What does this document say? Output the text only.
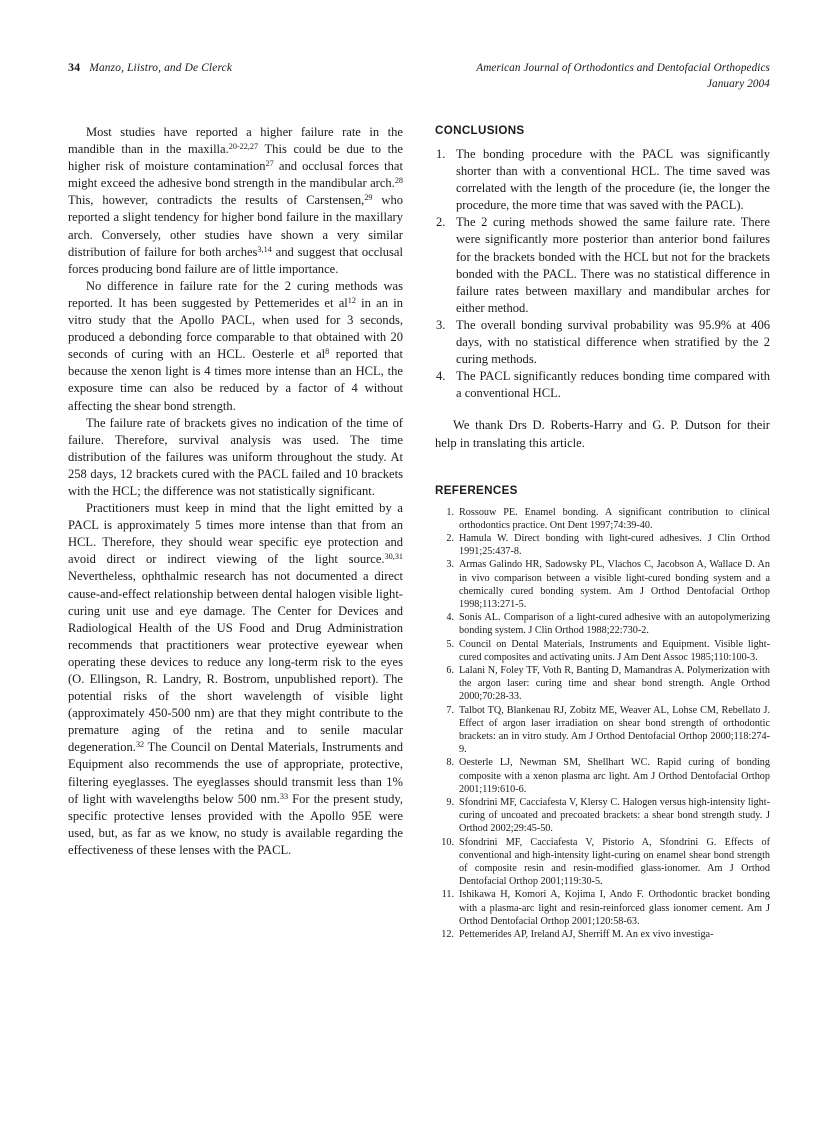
34 Manzo, Liistro, and De Clerck	American Journal of Orthodontics and Dentofacial Orthopedics
January 2004

Most studies have reported a higher failure rate in the mandible than in the maxilla.$^{20-22,27}$ This could be due to the higher risk of moisture contamination$^{27}$ and occlusal forces that might exceed the adhesive bond strength in the mandibular arch.$^{28}$ This, however, contradicts the results of Carstensen,$^{29}$ who reported a slight tendency for higher bond failure in the maxillary arch. Conversely, other studies have shown a very similar distribution of failure for both arches$^{3,14}$ and suggest that occlusal forces producing bond failure are of little importance.

No difference in failure rate for the 2 curing methods was reported. It has been suggested by Pettemerides et $al^{12}$ in an in vitro study that the Apollo PACL, when used for 3 seconds, produced a debonding force comparable to that obtained with 20 seconds of curing with an HCL. Oesterle et $al^8$ reported that because the xenon light is 4 times more intense than an HCL, the exposure time can also be reduced by a factor of 4 without affecting the shear bond strength.

The failure rate of brackets gives no indication of the time of failure. Therefore, survival analysis was used. The time distribution of the failures was uniform throughout the study. At 258 days, 12 brackets cured with the PACL failed and 10 brackets with the HCL; the difference was not statistically significant.

Practitioners must keep in mind that the light emitted by a PACL is approximately 5 times more intense than that from an HCL. Therefore, they should wear specific eye protection and avoid direct or indirect viewing of the light source.$^{30,31}$ Nevertheless, ophthalmic research has not documented a direct cause-and-effect relationship between dental halogen visible light-curing unit use and eye damage. The Center for Devices and Radiological Health of the US Food and Drug Administration recommends that practitioners wear protective eyewear when operating these devices to reduce any long-term risk to the eyes (O. Ellingson, R. Landry, R. Bostrom, unpublished report). The potential risks of the short wavelength of visible light (approximately 450-500 nm) are that they might contribute to the premature aging of the retina and to senile macular degeneration.$^{32}$ The Council on Dental Materials, Instruments and Equipment also recommends the use of appropriate, protective, filtering eyeglasses. The eyeglasses should transmit less than 1% of light with wavelengths below 500 nm.$^{33}$ For the present study, specific protective lenses provided with the Apollo 95E were used, but, as far as we know, no study is available regarding the effectiveness of these lenses with the PACL.

CONCLUSIONS
The bonding procedure with the PACL was significantly shorter than with a conventional HCL. The time saved was correlated with the length of the procedure (ie, the longer the procedure, the more time that was saved with the PACL).
The 2 curing methods showed the same failure rate. There were significantly more posterior than anterior bond failures for the brackets bonded with the HCL but not for the brackets bonded with the PACL. There was no statistical difference in failure rates between maxillary and mandibular arches for either method.
The overall bonding survival probability was 95.9% at 406 days, with no statistical difference when stratified by the 2 curing methods.
The PACL significantly reduces bonding time compared with a conventional HCL.

We thank Drs D. Roberts-Harry and G. P. Dutson for their help in translating this article.

REFERENCES
Rossouw PE. Enamel bonding. A significant contribution to clinical orthodontics practice. Ont Dent 1997;74:39-40.
Hamula W. Direct bonding with light-cured adhesives. J Clin Orthod 1991;25:437-8.
Armas Galindo HR, Sadowsky PL, Vlachos C, Jacobson A, Wallace D. An in vivo comparison between a visible light-cured bonding system and a chemically cured bonding system. Am J Orthod Dentofacial Orthop 1998;113:271-5.
Sonis AL. Comparison of a light-cured adhesive with an autopolymerizing bonding system. J Clin Orthod 1988;22:730-2.
Council on Dental Materials, Instruments and Equipment. Visible light-cured composites and activating units. J Am Dent Assoc 1985;110:100-3.
Lalani N, Foley TF, Voth R, Banting D, Mamandras A. Polymerization with the argon laser: curing time and shear bond strength. Angle Orthod 2000;70:28-33.
Talbot TQ, Blankenau RJ, Zobitz ME, Weaver AL, Lohse CM, Rebellato J. Effect of argon laser irradiation on shear bond strength of orthodontic brackets: an in vitro study. Am J Orthod Dentofacial Orthop 2000;118:274-9.
Oesterle LJ, Newman SM, Shellhart WC. Rapid curing of bonding composite with a xenon plasma arc light. Am J Orthod Dentofacial Orthop 2001;119:610-6.
Sfondrini MF, Cacciafesta V, Klersy C. Halogen versus high-intensity light-curing of uncoated and precoated brackets: a shear bond strength study. J Orthod 2002;29:45-50.
Sfondrini MF, Cacciafesta V, Pistorio A, Sfondrini G. Effects of conventional and high-intensity light-curing on enamel shear bond strength of composite resin and resin-modified glass-ionomer. Am J Orthod Dentofacial Orthop 2001;119:30-5.
Ishikawa H, Komori A, Kojima I, Ando F. Orthodontic bracket bonding with a plasma-arc light and resin-reinforced glass ionomer cement. Am J Orthod Dentofacial Orthop 2001;120:58-63.
Pettemerides AP, Ireland AJ, Sherriff M. An ex vivo investiga-
